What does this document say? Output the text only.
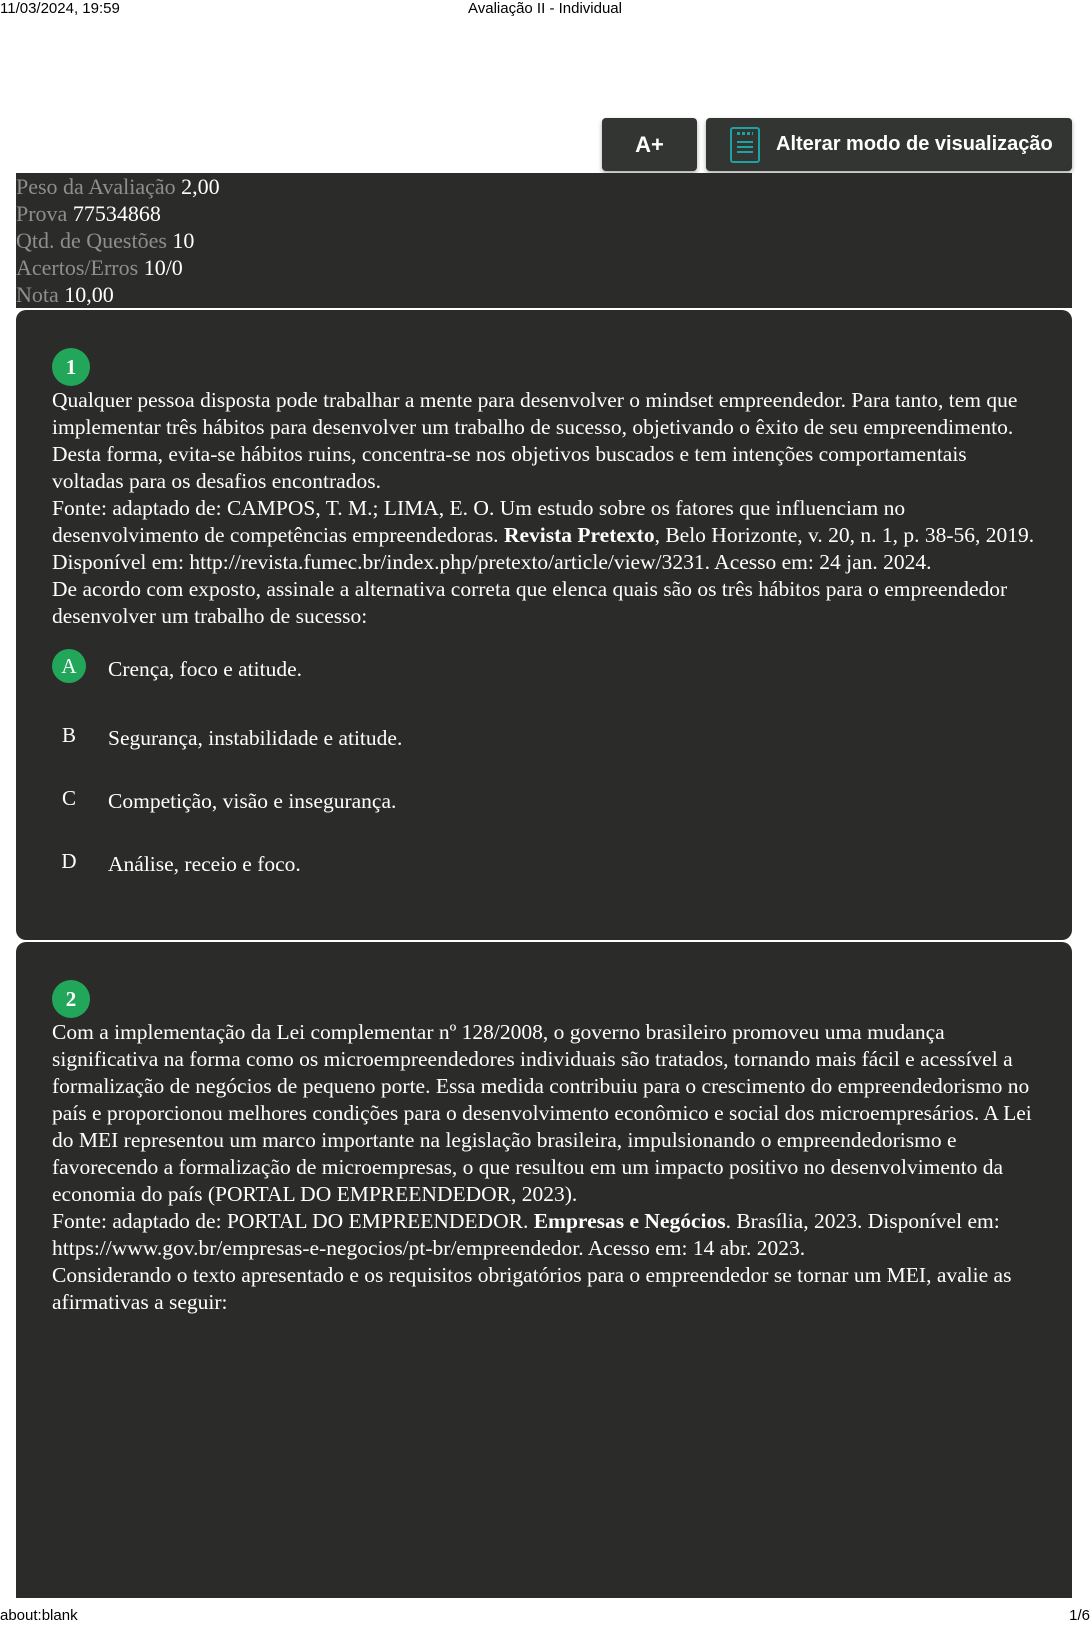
11/03/2024, 19:59	Avaliação II - Individual
A+	Alterar modo de visualização
Peso da Avaliação 2,00
Prova 77534868
Qtd. de Questões 10
Acertos/Erros 10/0
Nota 10,00
1

Qualquer pessoa disposta pode trabalhar a mente para desenvolver o mindset empreendedor. Para tanto, tem que implementar três hábitos para desenvolver um trabalho de sucesso, objetivando o êxito de seu empreendimento. Desta forma, evita-se hábitos ruins, concentra-se nos objetivos buscados e tem intenções comportamentais voltadas para os desafios encontrados.

Fonte: adaptado de: CAMPOS, T. M.; LIMA, E. O. Um estudo sobre os fatores que influenciam no desenvolvimento de competências empreendedoras. Revista Pretexto, Belo Horizonte, v. 20, n. 1, p. 38-56, 2019. Disponível em: http://revista.fumec.br/index.php/pretexto/article/view/3231. Acesso em: 24 jan. 2024.

De acordo com exposto, assinale a alternativa correta que elenca quais são os três hábitos para o empreendedor desenvolver um trabalho de sucesso:

A	Crença, foco e atitude.
B	Segurança, instabilidade e atitude.
C	Competição, visão e insegurança.
D	Análise, receio e foco.
2

Com a implementação da Lei complementar nº 128/2008, o governo brasileiro promoveu uma mudança significativa na forma como os microempreendedores individuais são tratados, tornando mais fácil e acessível a formalização de negócios de pequeno porte. Essa medida contribuiu para o crescimento do empreendedorismo no país e proporcionou melhores condições para o desenvolvimento econômico e social dos microempresários. A Lei do MEI representou um marco importante na legislação brasileira, impulsionando o empreendedorismo e favorecendo a formalização de microempresas, o que resultou em um impacto positivo no desenvolvimento da economia do país (PORTAL DO EMPREENDEDOR, 2023).

Fonte: adaptado de: PORTAL DO EMPREENDEDOR. Empresas e Negócios. Brasília, 2023. Disponível em: https://www.gov.br/empresas-e-negocios/pt-br/empreendedor. Acesso em: 14 abr. 2023.

Considerando o texto apresentado e os requisitos obrigatórios para o empreendedor se tornar um MEI, avalie as afirmativas a seguir:

about:blank	1/6
